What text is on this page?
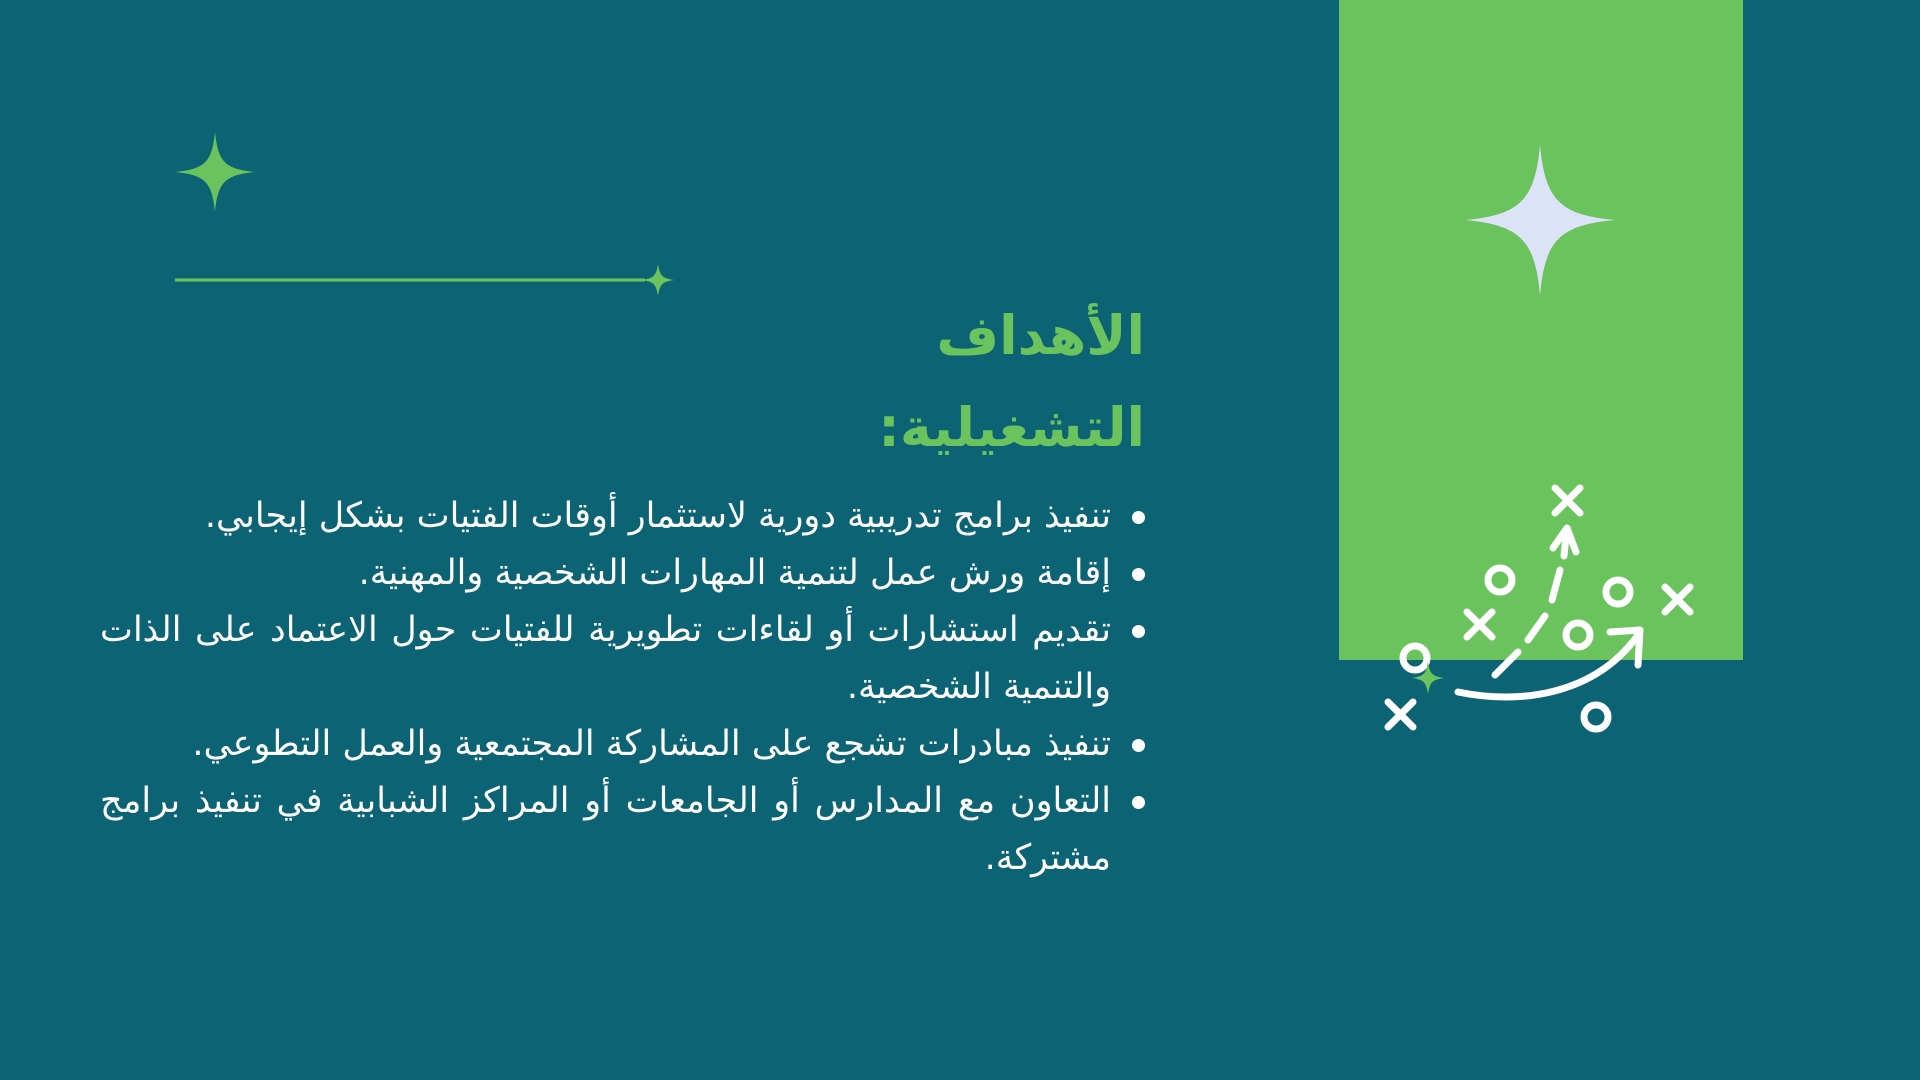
الأهداف
التشغيلية:
تنفيذ برامج تدريبية دورية لاستثمار أوقات الفتيات بشكل إيجابي.
إقامة ورش عمل لتنمية المهارات الشخصية والمهنية.
تقديم استشارات أو لقاءات تطويرية للفتيات حول الاعتماد على الذات والتنمية الشخصية.
تنفيذ مبادرات تشجع على المشاركة المجتمعية والعمل التطوعي.
التعاون مع المدارس أو الجامعات أو المراكز الشبابية في تنفيذ برامج مشتركة.
